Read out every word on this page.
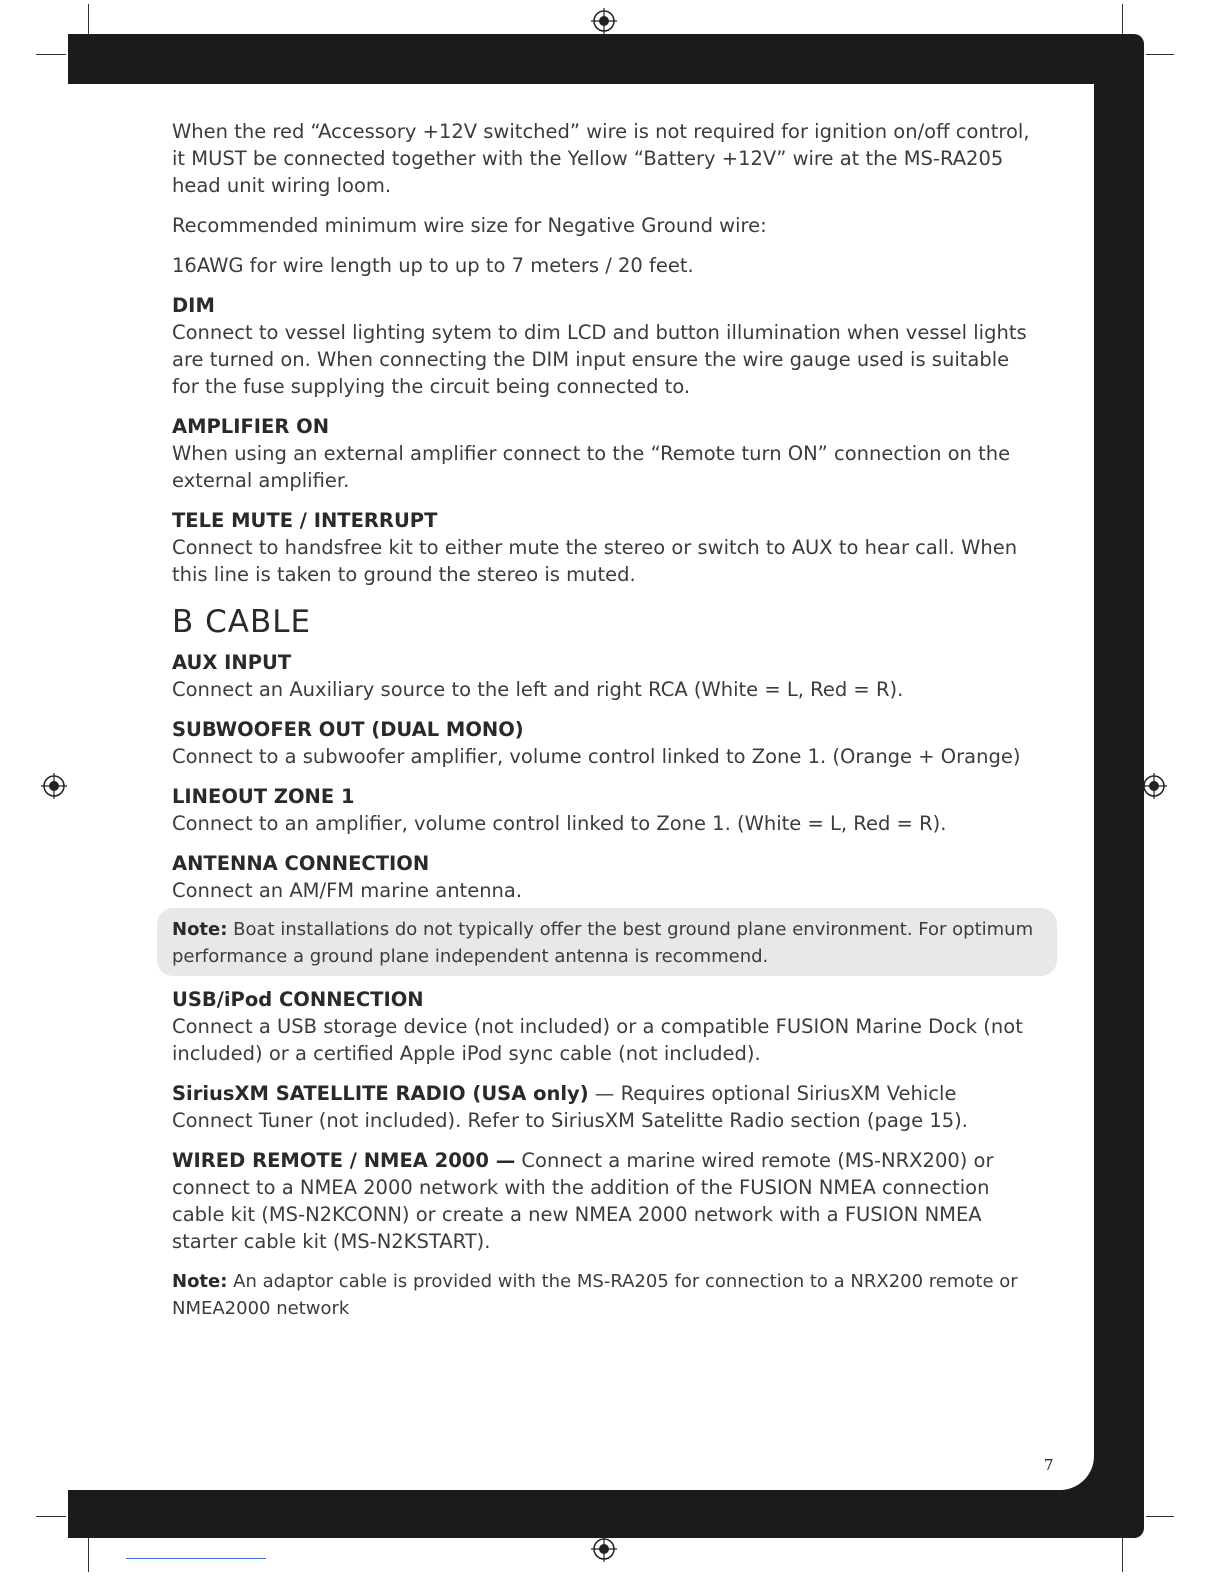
When the red “Accessory +12V switched” wire is not required for ignition on/off control, it MUST be connected together with the Yellow “Battery +12V” wire at the MS-RA205 head unit wiring loom.

Recommended minimum wire size for Negative Ground wire:

16AWG for wire length up to up to 7 meters / 20 feet.

DIM

Connect to vessel lighting sytem to dim LCD and button illumination when vessel lights are turned on. When connecting the DIM input ensure the wire gauge used is suitable for the fuse supplying the circuit being connected to.

AMPLIFIER ON

When using an external amplifier connect to the “Remote turn ON” connection on the external amplifier.

TELE MUTE / INTERRUPT

Connect to handsfree kit to either mute the stereo or switch to AUX to hear call. When this line is taken to ground the stereo is muted.

B CABLE
AUX INPUT

Connect an Auxiliary source to the left and right RCA (White = L, Red = R).

SUBWOOFER OUT (DUAL MONO)

Connect to a subwoofer amplifier, volume control linked to Zone 1. (Orange + Orange)

LINEOUT ZONE 1

Connect to an amplifier, volume control linked to Zone 1. (White = L, Red = R).

ANTENNA CONNECTION

Connect an AM/FM marine antenna.

Note: Boat installations do not typically offer the best ground plane environment. For optimum performance a ground plane independent antenna is recommend.
USB/iPod CONNECTION

Connect a USB storage device (not included) or a compatible FUSION Marine Dock (not included) or a certified Apple iPod sync cable (not included).

SiriusXM SATELLITE RADIO (USA only) — Requires optional SiriusXM Vehicle Connect Tuner (not included). Refer to SiriusXM Satelitte Radio section (page 15).

WIRED REMOTE / NMEA 2000 — Connect a marine wired remote (MS-NRX200) or connect to a NMEA 2000 network with the addition of the FUSION NMEA connection cable kit (MS-N2KCONN) or create a new NMEA 2000 network with a FUSION NMEA starter cable kit (MS-N2KSTART).

Note: An adaptor cable is provided with the MS-RA205 for connection to a NRX200 remote or NMEA2000 network

7
